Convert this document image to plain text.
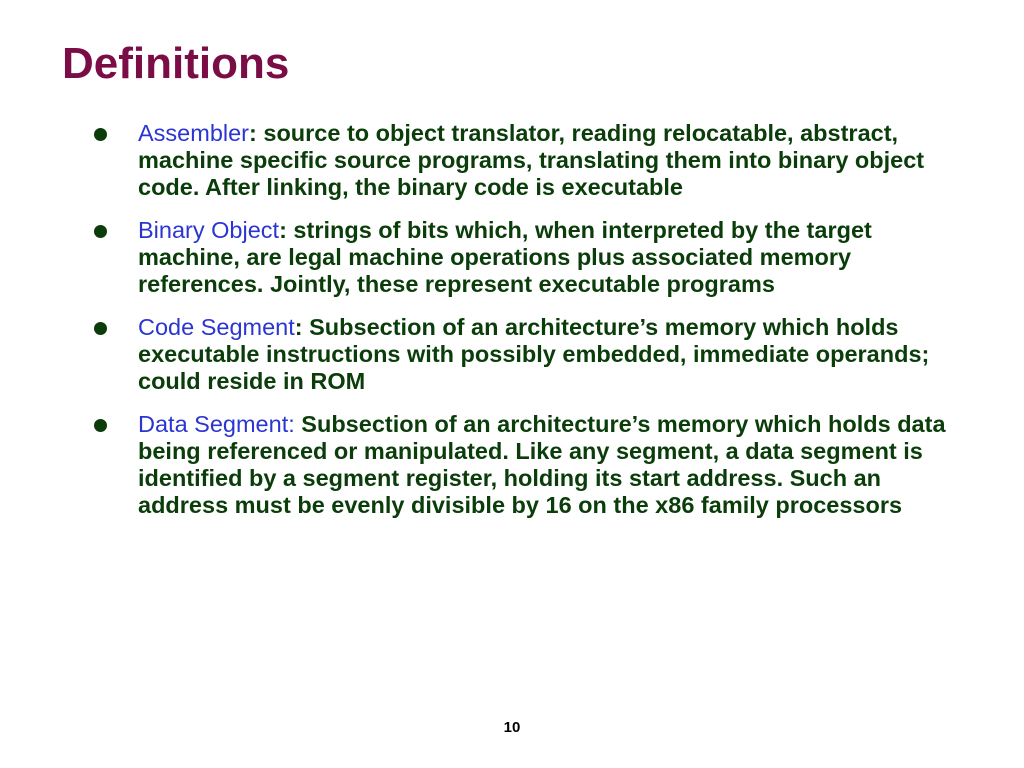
Definitions
Assembler: source to object translator, reading relocatable, abstract, machine specific source programs, translating them into binary object code. After linking, the binary code is executable
Binary Object: strings of bits which, when interpreted by the target machine, are legal machine operations plus associated memory references. Jointly, these represent executable programs
Code Segment: Subsection of an architecture’s memory which holds executable instructions with possibly embedded, immediate operands; could reside in ROM
Data Segment: Subsection of an architecture’s memory which holds data being referenced or manipulated. Like any segment, a data segment is identified by a segment register, holding its start address. Such an address must be evenly divisible by 16 on the x86 family processors
10
